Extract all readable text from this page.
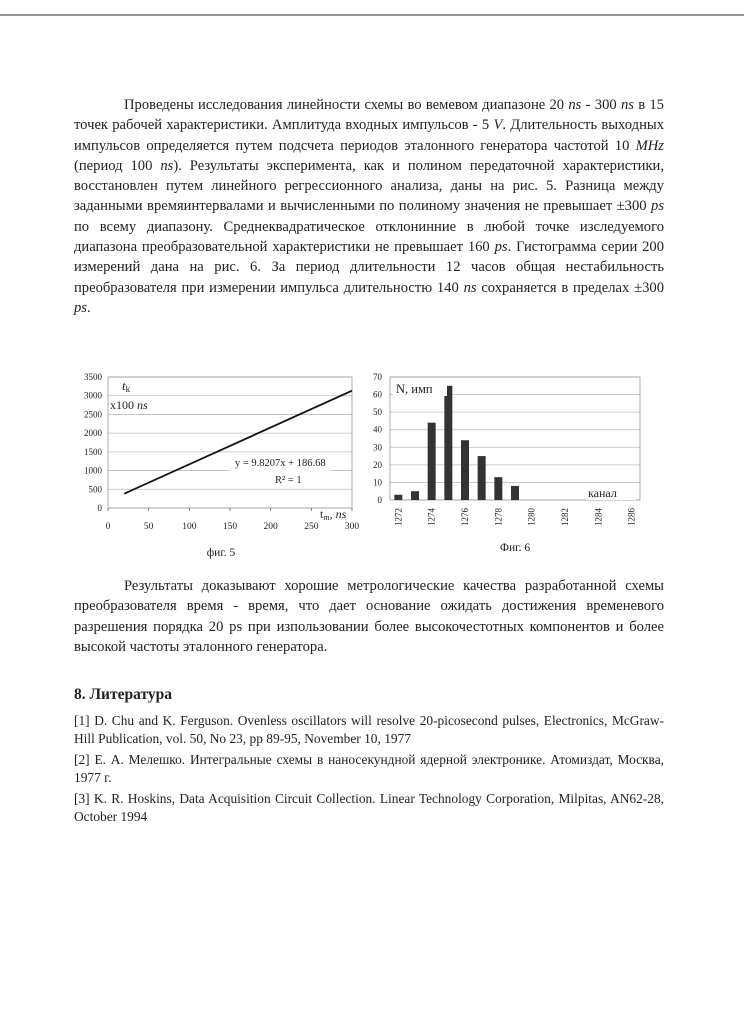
Проведены исследования линейности схемы во вемевом диапазоне 20 ns - 300 ns в 15 точек рабочей характеристики. Амплитуда входных импульсов - 5 V. Длительность выходных импульсов определяется путем подсчета периодов эталонного генератора частотой 10 MHz (период 100 ns). Результаты эксперимента, как и полином передаточной характеристики, восстановлен путем линейного регрессионного анализа, даны на рис. 5. Разница между заданными времяинтервалами и вычисленными по полиному значения не превышает ±300 ps по всему диапазону. Среднеквадратическое отклонинние в любой точке изследуемого диапазона преобразовательной характеристики не превышает 160 ps. Гистограмма серии 200 измерений дана на рис. 6. За период длительности 12 часов общая нестабильность преобразователя при измерении импульса длительностю 140 ns сохраняется в пределах ±300 ps.

0
500
1000
1500
2000
2500
3000
3500
0	50	100	150	200	250	300
tk
x100 ns
tm, ns
y = 9.8207x + 186.68
R² = 1
фиг. 5
0
10
20
30
40
50
60
70
1272	1274	1276	1278	1280	1282	1284	1286
N, имп
канал
Фиг. 6

Результаты доказывают хорошие метрологические качества разработанной схемы преобразователя время - время, что дает основание ожидать достижения временевого разрешения порядка 20 ps при изпользовании более высокочестотных компонентов и более высокой частоты эталонного генератора.

8. Литература
[1] D. Chu and K. Ferguson. Ovenless oscillators will resolve 20-picosecond pulses, Electronics, McGraw-Hill Publication, vol. 50, No 23, pp 89-95, November 10, 1977
[2] Е. А. Мелешко. Интегральные схемы в наносекундной ядерной электронике. Атомиздат, Москва, 1977 г.
[3] K. R. Hoskins, Data Acquisition Circuit Collection. Linear Technology Corporation, Milpitas, AN62-28, October 1994
